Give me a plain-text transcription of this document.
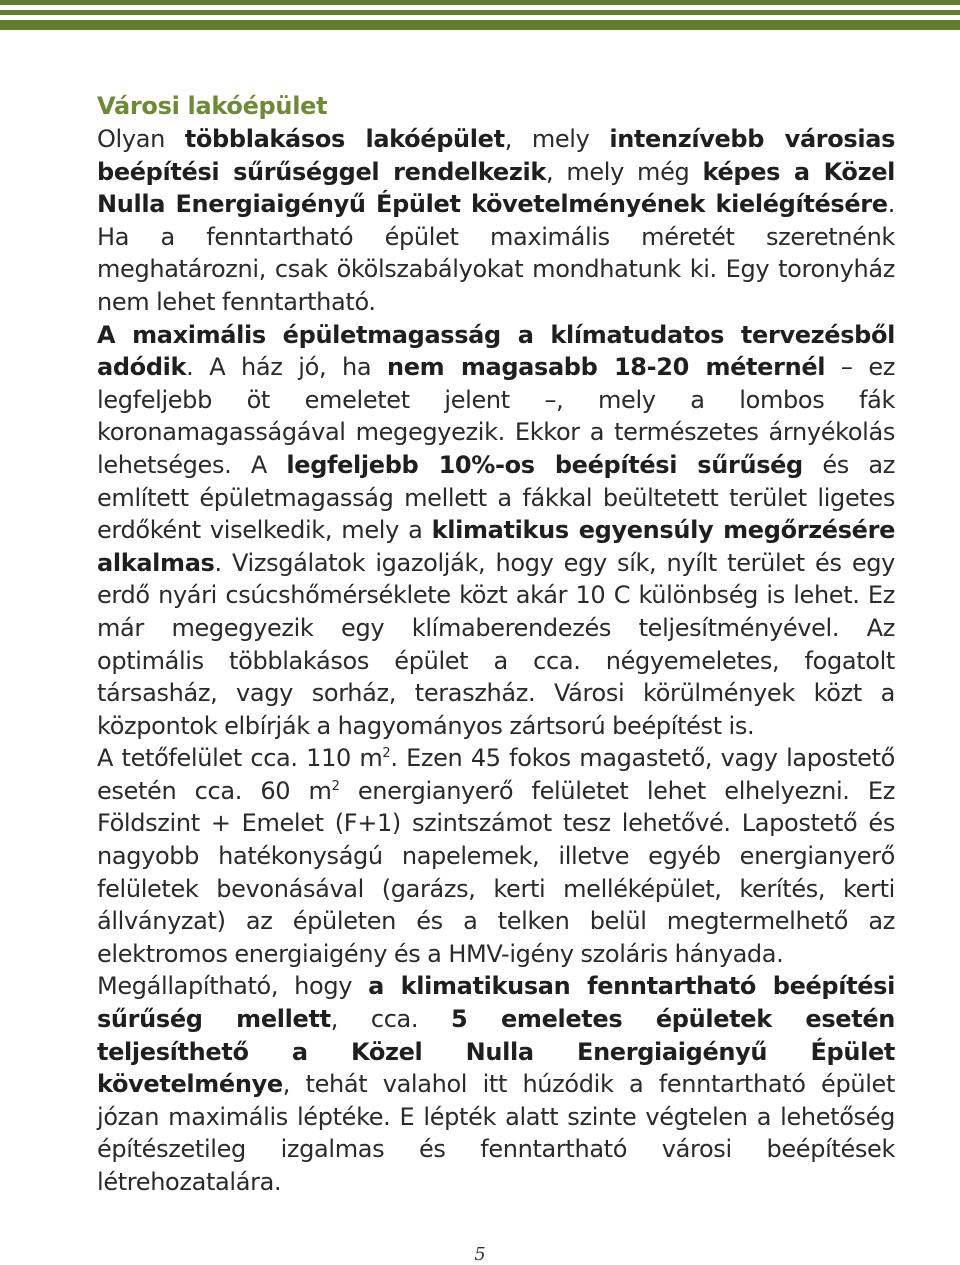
Városi lakóépület

Olyan többlakásos lakóépület, mely intenzívebb városias beépítési sűrűséggel rendelkezik, mely még képes a Közel Nulla Energiaigényű Épület követelményének kielégítésére. Ha a fenntartható épület maximális méretét szeretnénk meghatározni, csak ökölszabályokat mondhatunk ki. Egy toronyház nem lehet fenntartható.

A maximális épületmagasság a klímatudatos tervezésből adódik. A ház jó, ha nem magasabb 18-20 méternél – ez legfeljebb öt emeletet jelent –, mely a lombos fák koronamagasságával megegyezik. Ekkor a természetes árnyékolás lehetséges. A legfeljebb 10%-os beépítési sűrűség és az említett épületmagasság mellett a fákkal beültetett terület ligetes erdőként viselkedik, mely a klimatikus egyensúly megőrzésére alkalmas. Vizsgálatok igazolják, hogy egy sík, nyílt terület és egy erdő nyári csúcshőmérséklete közt akár 10 C különbség is lehet. Ez már megegyezik egy klímaberendezés teljesítményével. Az optimális többlakásos épület a cca. négyemeletes, fogatolt társasház, vagy sorház, teraszház. Városi körülmények közt a központok elbírják a hagyományos zártsorú beépítést is.

A tetőfelület cca. 110 $m^2$. Ezen 45 fokos magastető, vagy lapostető esetén cca. 60 $m^2$ energianyerő felületet lehet elhelyezni. Ez Földszint + Emelet (F+1) szintszámot tesz lehetővé. Lapostető és nagyobb hatékonyságú napelemek, illetve egyéb energianyerő felületek bevonásával (garázs, kerti melléképület, kerítés, kerti állványzat) az épületen és a telken belül megtermelhető az elektromos energiaigény és a HMV-igény szoláris hányada.

Megállapítható, hogy a klimatikusan fenntartható beépítési sűrűség mellett, cca. 5 emeletes épületek esetén teljesíthető a Közel Nulla Energiaigényű Épület követelménye, tehát valahol itt húzódik a fenntartható épület józan maximális léptéke. E lépték alatt szinte végtelen a lehetőség építészetileg izgalmas és fenntartható városi beépítések létrehozatalára.

5
